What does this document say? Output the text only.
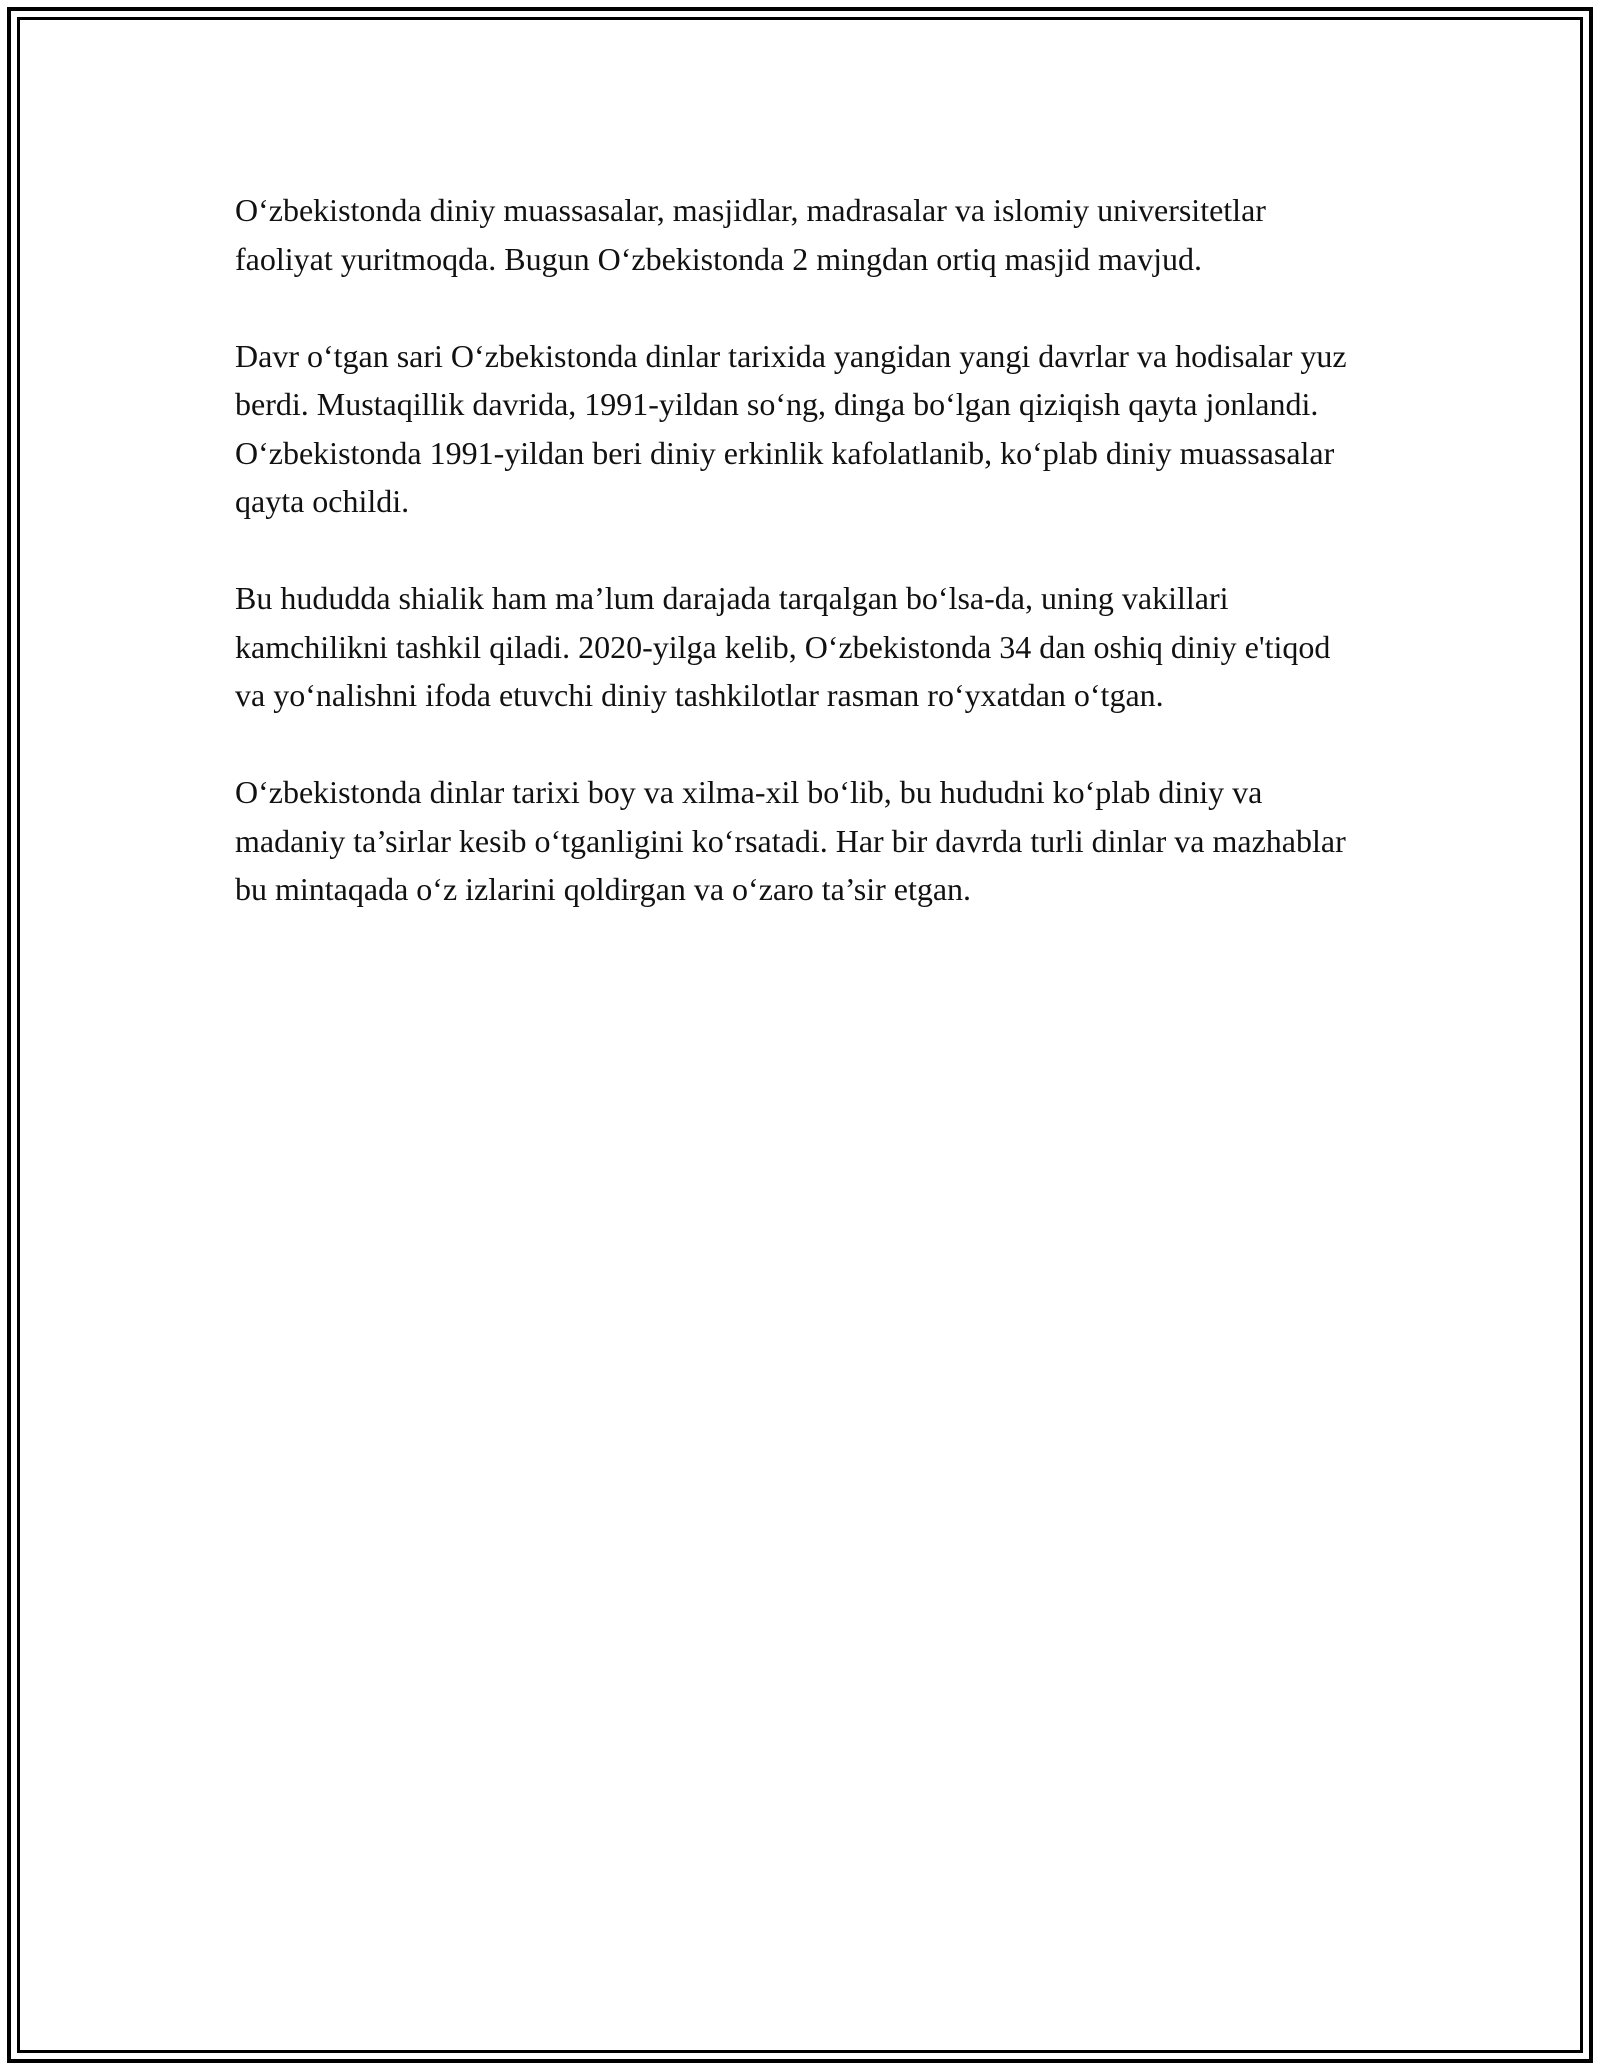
O‘zbekistonda diniy muassasalar, masjidlar, madrasalar va islomiy universitetlar faoliyat yuritmoqda. Bugun O‘zbekistonda 2 mingdan ortiq masjid mavjud.

Davr o‘tgan sari O‘zbekistonda dinlar tarixida yangidan yangi davrlar va hodisalar yuz berdi. Mustaqillik davrida, 1991-yildan so‘ng, dinga bo‘lgan qiziqish qayta jonlandi. O‘zbekistonda 1991-yildan beri diniy erkinlik kafolatlanib, ko‘plab diniy muassasalar qayta ochildi.

Bu hududda shialik ham ma’lum darajada tarqalgan bo‘lsa-da, uning vakillari kamchilikni tashkil qiladi. 2020-yilga kelib, O‘zbekistonda 34 dan oshiq diniy e'tiqod va yo‘nalishni ifoda etuvchi diniy tashkilotlar rasman ro‘yxatdan o‘tgan.

O‘zbekistonda dinlar tarixi boy va xilma-xil bo‘lib, bu hududni ko‘plab diniy va madaniy ta’sirlar kesib o‘tganligini ko‘rsatadi. Har bir davrda turli dinlar va mazhablar bu mintaqada o‘z izlarini qoldirgan va o‘zaro ta’sir etgan.
